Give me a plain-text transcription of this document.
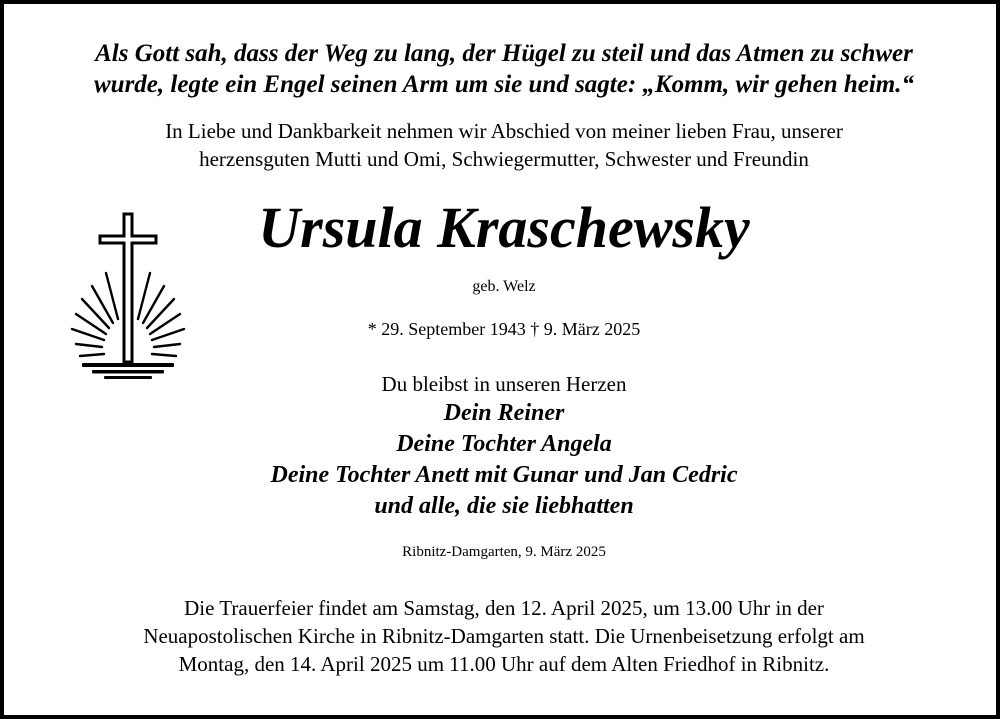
Als Gott sah, dass der Weg zu lang, der Hügel zu steil und das Atmen zu schwer
wurde, legte ein Engel seinen Arm um sie und sagte: „Komm, wir gehen heim.“
In Liebe und Dankbarkeit nehmen wir Abschied von meiner lieben Frau, unserer
herzensguten Mutti und Omi, Schwiegermutter, Schwester und Freundin
Ursula Kraschewsky
geb. Welz
* 29. September 1943 † 9. März 2025
Du bleibst in unseren Herzen
Dein Reiner
Deine Tochter Angela
Deine Tochter Anett mit Gunar und Jan Cedric
und alle, die sie liebhatten
Ribnitz-Damgarten, 9. März 2025
Die Trauerfeier findet am Samstag, den 12. April 2025, um 13.00 Uhr in der
Neuapostolischen Kirche in Ribnitz-Damgarten statt. Die Urnenbeisetzung erfolgt am
Montag, den 14. April 2025 um 11.00 Uhr auf dem Alten Friedhof in Ribnitz.
